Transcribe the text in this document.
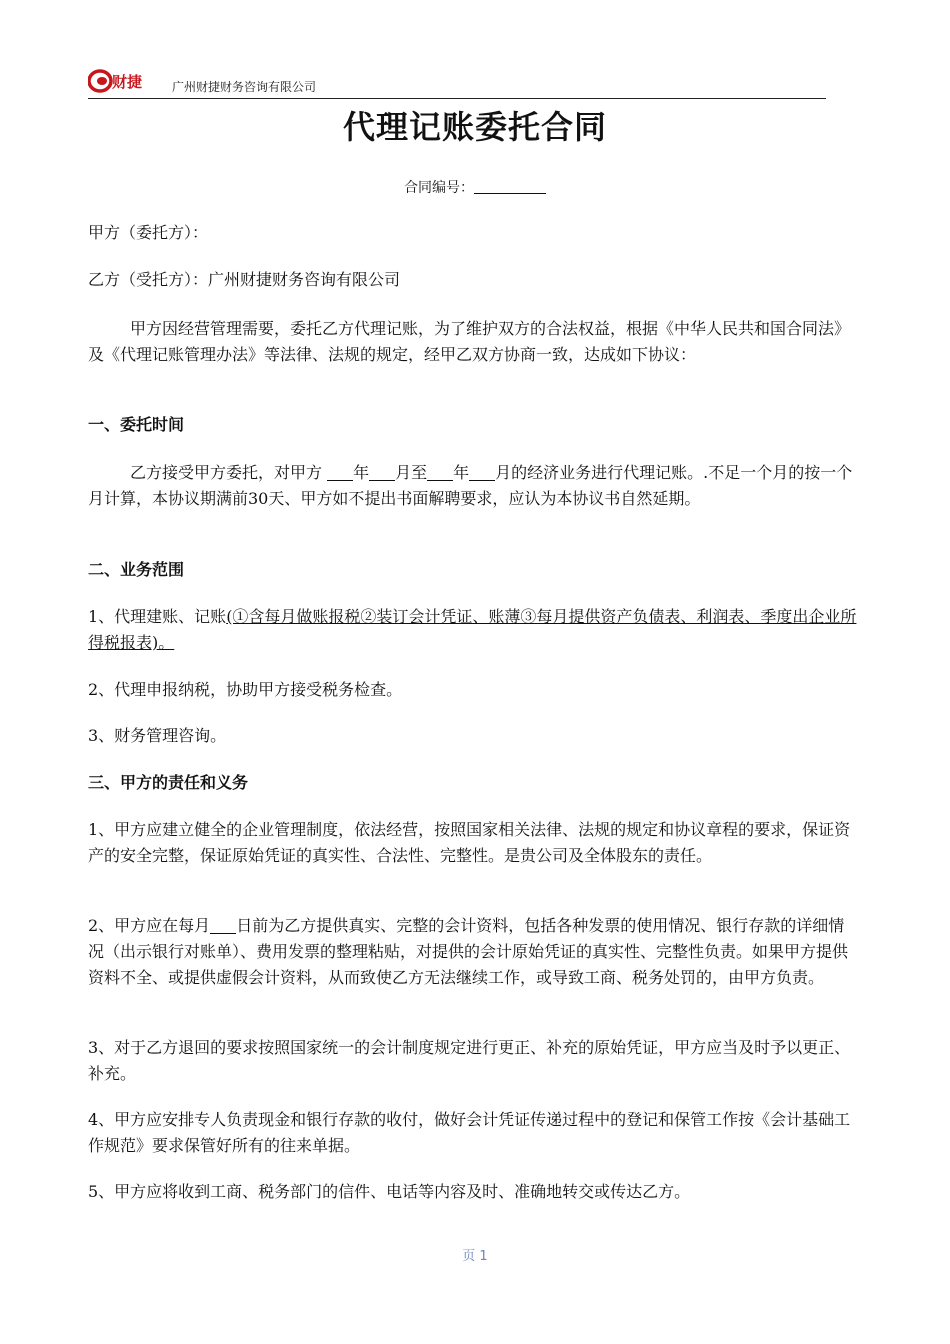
财捷 广州财捷财务咨询有限公司
代理记账委托合同
合同编号：

甲方（委托方）：

乙方（受托方）：广州财捷财务咨询有限公司

甲方因经营管理需要，委托乙方代理记账，为了维护双方的合法权益，根据《中华人民共和国合同法》及《代理记账管理办法》等法律、法规的规定，经甲乙双方协商一致，达成如下协议：

一、委托时间

乙方接受甲方委托，对甲方 年 月至 年 月的经济业务进行代理记账。.不足一个月的按一个月计算，本协议期满前30天、甲方如不提出书面解聘要求，应认为本协议书自然延期。

二、业务范围

1、代理建账、记账(①含每月做账报税②装订会计凭证、账薄③每月提供资产负债表、利润表、季度出企业所得税报表)。

2、代理申报纳税，协助甲方接受税务检查。

3、财务管理咨询。

三、甲方的责任和义务

1、甲方应建立健全的企业管理制度，依法经营，按照国家相关法律、法规的规定和协议章程的要求，保证资产的安全完整，保证原始凭证的真实性、合法性、完整性。是贵公司及全体股东的责任。

2、甲方应在每月 日前为乙方提供真实、完整的会计资料，包括各种发票的使用情况、银行存款的详细情况（出示银行对账单）、费用发票的整理粘贴，对提供的会计原始凭证的真实性、完整性负责。如果甲方提供资料不全、或提供虚假会计资料，从而致使乙方无法继续工作，或导致工商、税务处罚的，由甲方负责。

3、对于乙方退回的要求按照国家统一的会计制度规定进行更正、补充的原始凭证，甲方应当及时予以更正、补充。

4、甲方应安排专人负责现金和银行存款的收付，做好会计凭证传递过程中的登记和保管工作按《会计基础工作规范》要求保管好所有的往来单据。

5、甲方应将收到工商、税务部门的信件、电话等内容及时、准确地转交或传达乙方。

页 1
